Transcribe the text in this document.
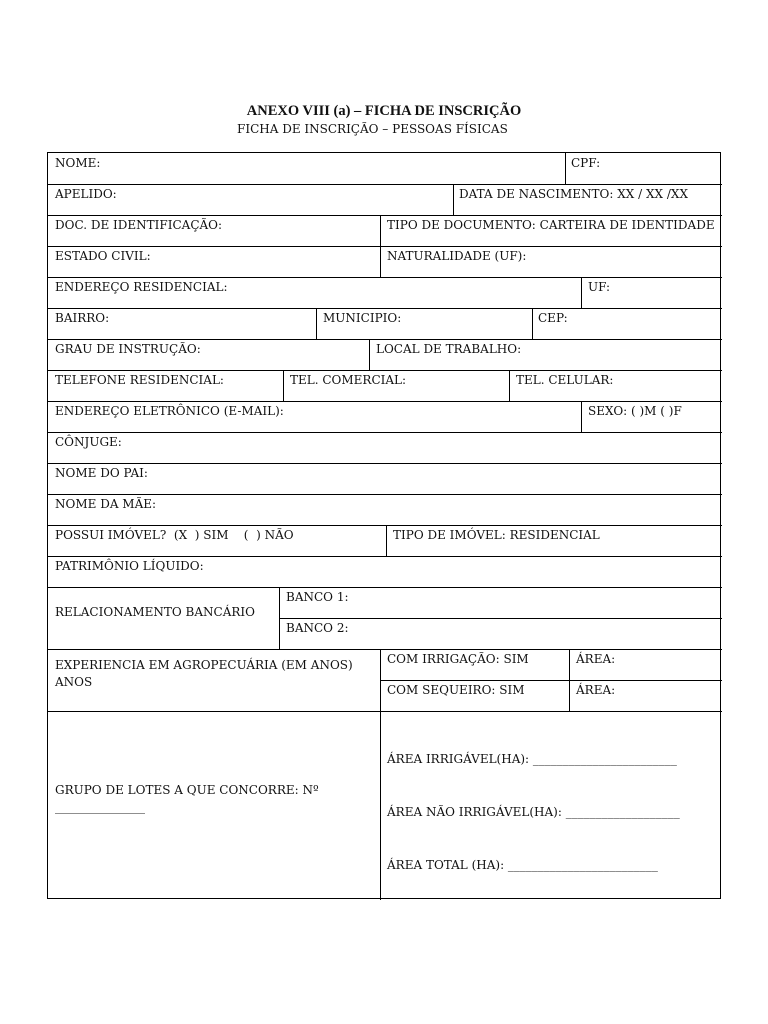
ANEXO VIII (a) – FICHA DE INSCRIÇÃO
FICHA DE INSCRIÇÃO – PESSOAS FÍSICAS
NOME:	CPF:
APELIDO:	DATA DE NASCIMENTO: XX / XX /XX
DOC. DE IDENTIFICAÇÃO:	TIPO DE DOCUMENTO: CARTEIRA DE IDENTIDADE
ESTADO CIVIL:	NATURALIDADE (UF):
ENDEREÇO RESIDENCIAL:	UF:
BAIRRO:	MUNICIPIO:	CEP:
GRAU DE INSTRUÇÃO:	LOCAL DE TRABALHO:
TELEFONE RESIDENCIAL:	TEL. COMERCIAL:	TEL. CELULAR:
ENDEREÇO ELETRÔNICO (E-MAIL):	SEXO: ( )M ( )F
CÔNJUGE:
NOME DO PAI:
NOME DA MÃE:
POSSUI IMÓVEL?  (X  ) SIM    (  ) NÃO	TIPO DE IMÓVEL: RESIDENCIAL
PATRIMÔNIO LÍQUIDO:
RELACIONAMENTO BANCÁRIO
BANCO 1:
BANCO 2:
EXPERIENCIA EM AGROPECUÁRIA (EM ANOS) ANOS
COM IRRIGAÇÃO: SIM	ÁREA:
COM SEQUEIRO: SIM	ÁREA:
GRUPO DE LOTES A QUE CONCORRE: Nº _______________
ÁREA IRRIGÁVEL(HA): ________________________
ÁREA NÃO IRRIGÁVEL(HA): ___________________
ÁREA TOTAL (HA): _________________________
